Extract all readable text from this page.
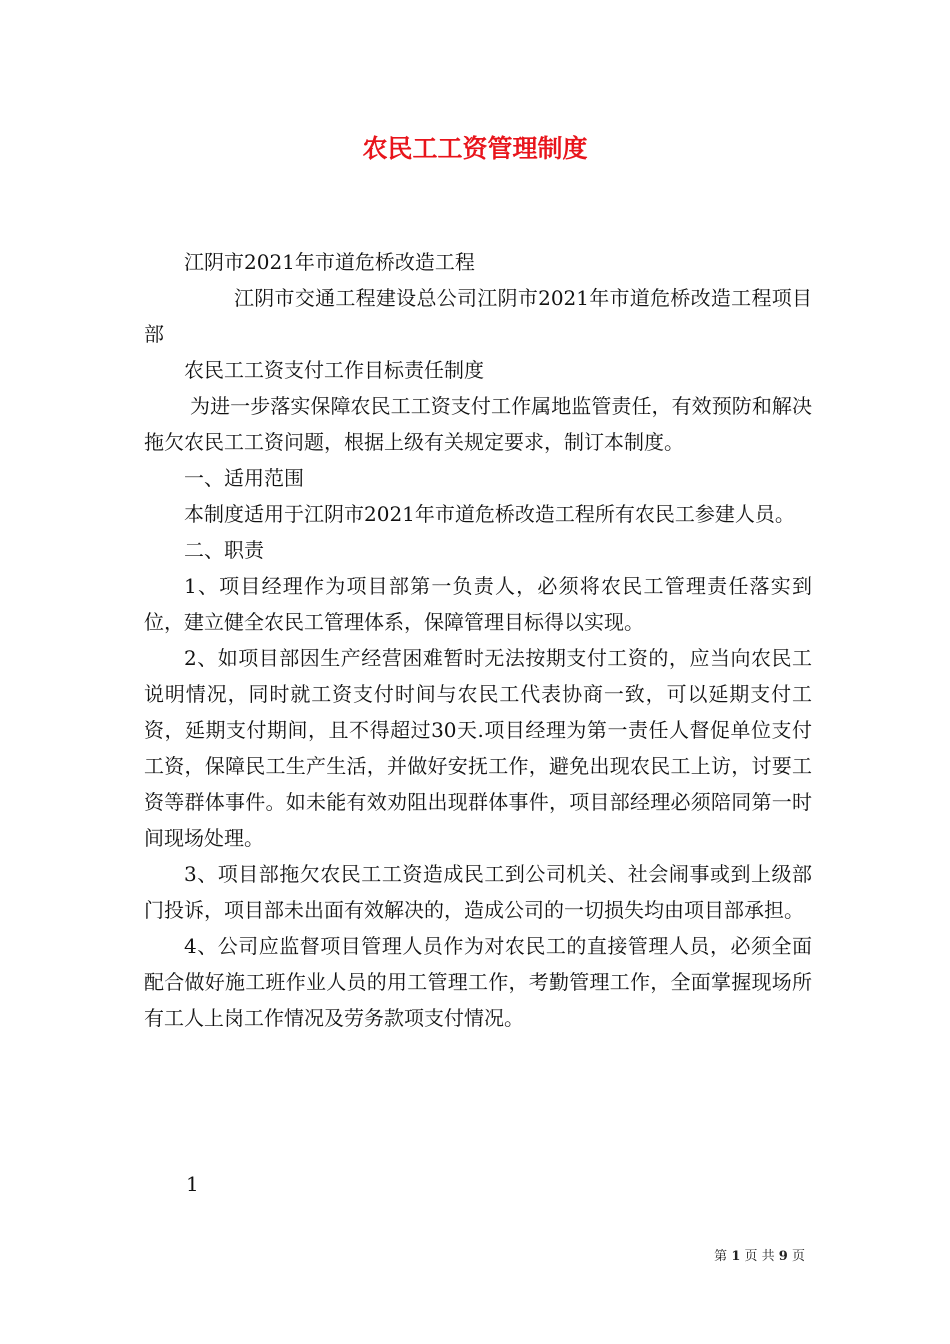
农民工工资管理制度

江阴市2021年市道危桥改造工程

江阴市交通工程建设总公司江阴市2021年市道危桥改造工程项目部

农民工工资支付工作目标责任制度

为进一步落实保障农民工工资支付工作属地监管责任，有效预防和解决拖欠农民工工资问题，根据上级有关规定要求，制订本制度。

一、适用范围

本制度适用于江阴市2021年市道危桥改造工程所有农民工参建人员。

二、职责

1、项目经理作为项目部第一负责人，必须将农民工管理责任落实到位，建立健全农民工管理体系，保障管理目标得以实现。

2、如项目部因生产经营困难暂时无法按期支付工资的，应当向农民工说明情况，同时就工资支付时间与农民工代表协商一致，可以延期支付工资，延期支付期间，且不得超过30天.项目经理为第一责任人督促单位支付工资，保障民工生产生活，并做好安抚工作，避免出现农民工上访，讨要工资等群体事件。如未能有效劝阻出现群体事件，项目部经理必须陪同第一时间现场处理。

3、项目部拖欠农民工工资造成民工到公司机关、社会闹事或到上级部门投诉，项目部未出面有效解决的，造成公司的一切损失均由项目部承担。

4、公司应监督项目管理人员作为对农民工的直接管理人员，必须全面配合做好施工班作业人员的用工管理工作，考勤管理工作，全面掌握现场所有工人上岗工作情况及劳务款项支付情况。

1
第 1 页 共 9 页
